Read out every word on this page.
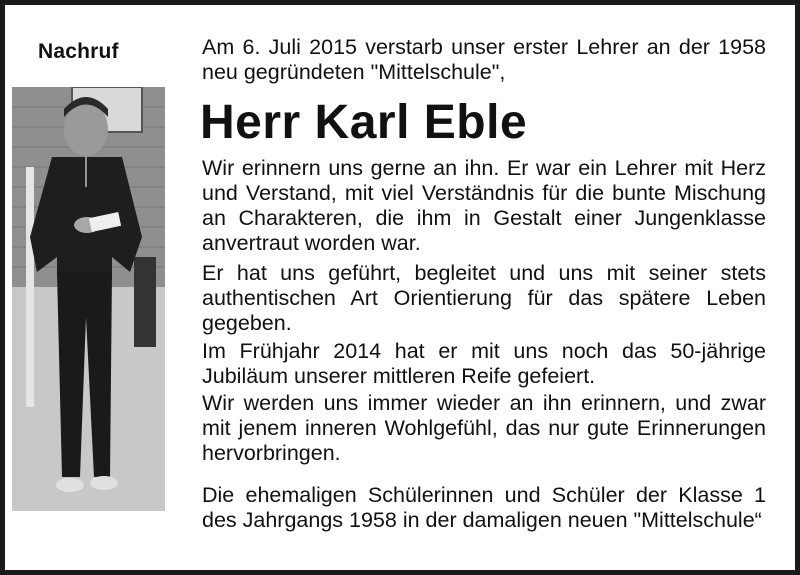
Nachruf	Am 6. Juli 2015 verstarb unser erster Lehrer an der 1958 neu gegründeten "Mittelschule",
Herr Karl Eble
Wir erinnern uns gerne an ihn. Er war ein Lehrer mit Herz und Verstand, mit viel Verständnis für die bunte Mischung an Charakteren, die ihm in Gestalt einer Jungenklasse anvertraut worden war.
Er hat uns geführt, begleitet und uns mit seiner stets authentischen Art Orientierung für das spätere Leben gegeben.
Im Frühjahr 2014 hat er mit uns noch das 50-jährige Jubiläum unserer mittleren Reife gefeiert.
Wir werden uns immer wieder an ihn erinnern, und zwar mit jenem inneren Wohlgefühl, das nur gute Erinnerungen hervorbringen.
Die ehemaligen Schülerinnen und Schüler der Klasse 1 des Jahrgangs 1958 in der damaligen neuen "Mittelschule“
